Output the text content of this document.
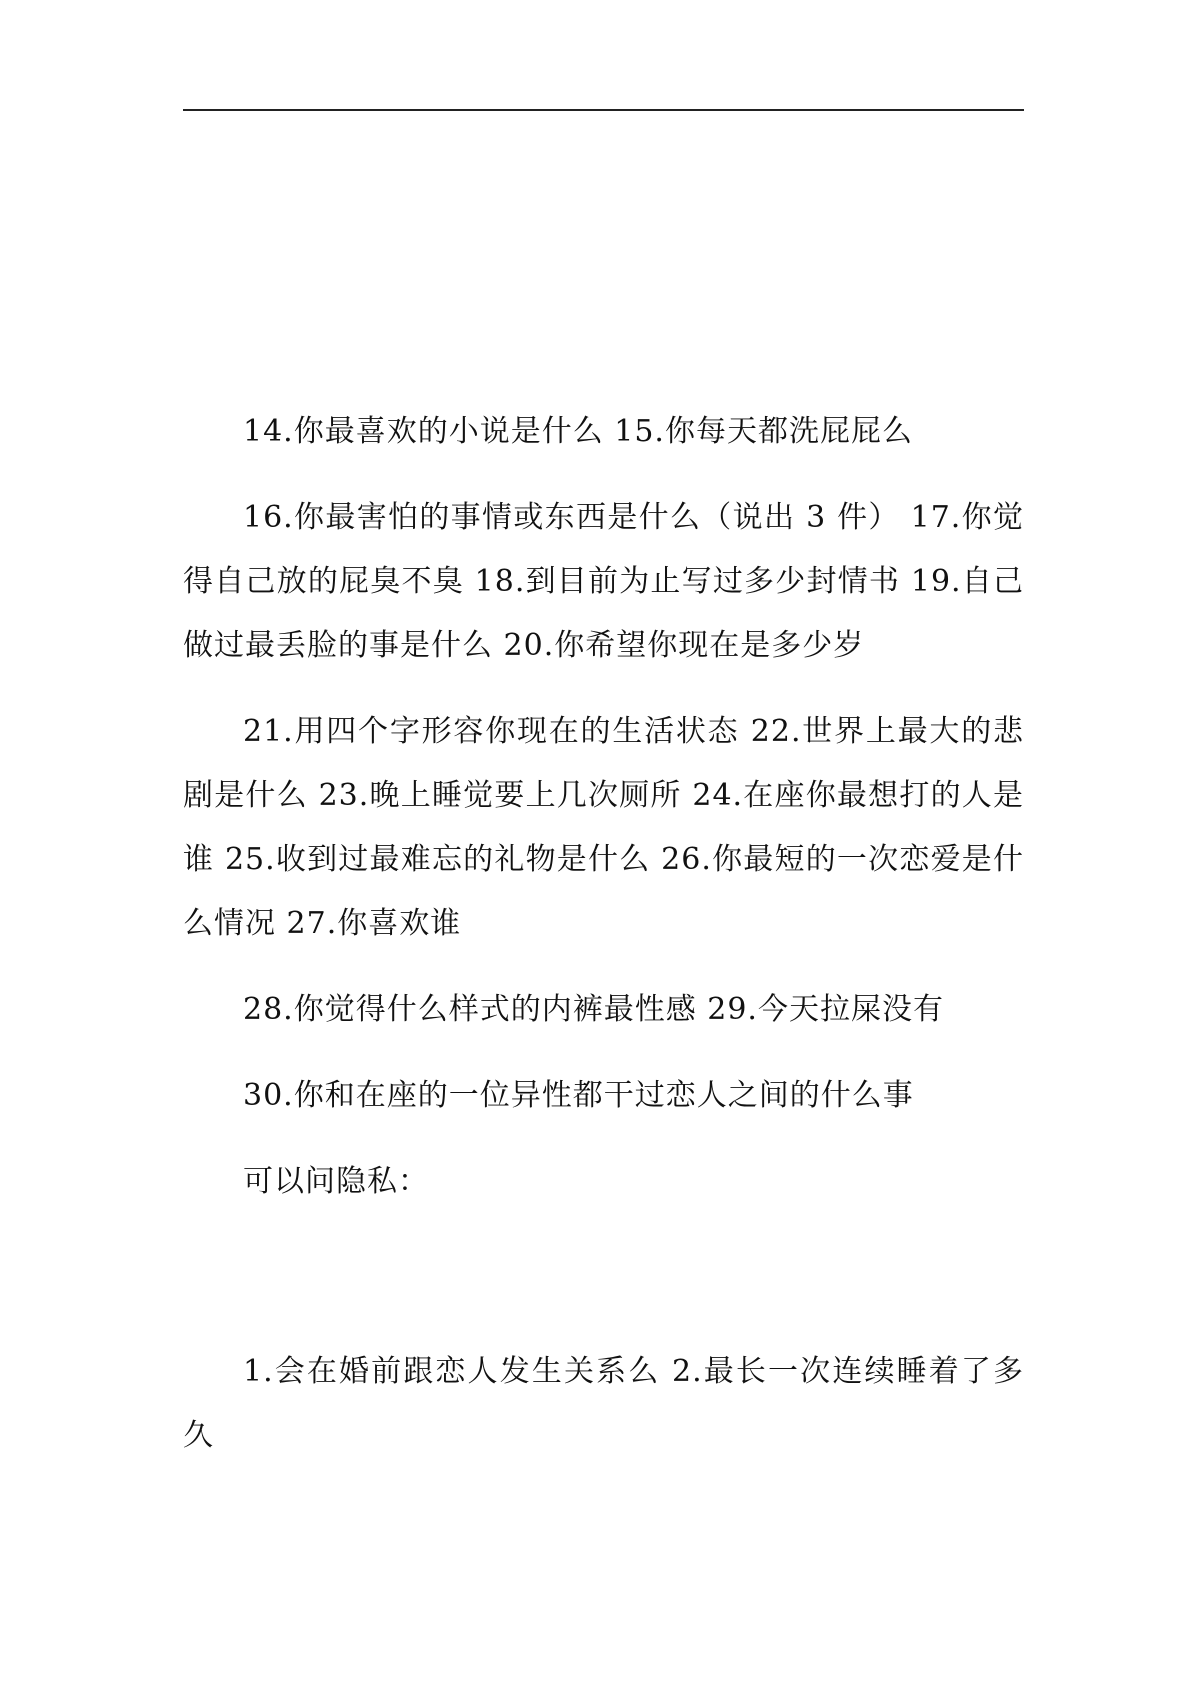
14.你最喜欢的小说是什么 15.你每天都洗屁屁么

16.你最害怕的事情或东西是什么（说出 3 件） 17.你觉得自己放的屁臭不臭 18.到目前为止写过多少封情书 19.自己做过最丢脸的事是什么 20.你希望你现在是多少岁

21.用四个字形容你现在的生活状态 22.世界上最大的悲剧是什么 23.晚上睡觉要上几次厕所 24.在座你最想打的人是谁 25.收到过最难忘的礼物是什么 26.你最短的一次恋爱是什么情况 27.你喜欢谁

28.你觉得什么样式的内裤最性感 29.今天拉屎没有

30.你和在座的一位异性都干过恋人之间的什么事

可以问隐私：

1.会在婚前跟恋人发生关系么 2.最长一次连续睡着了多久
